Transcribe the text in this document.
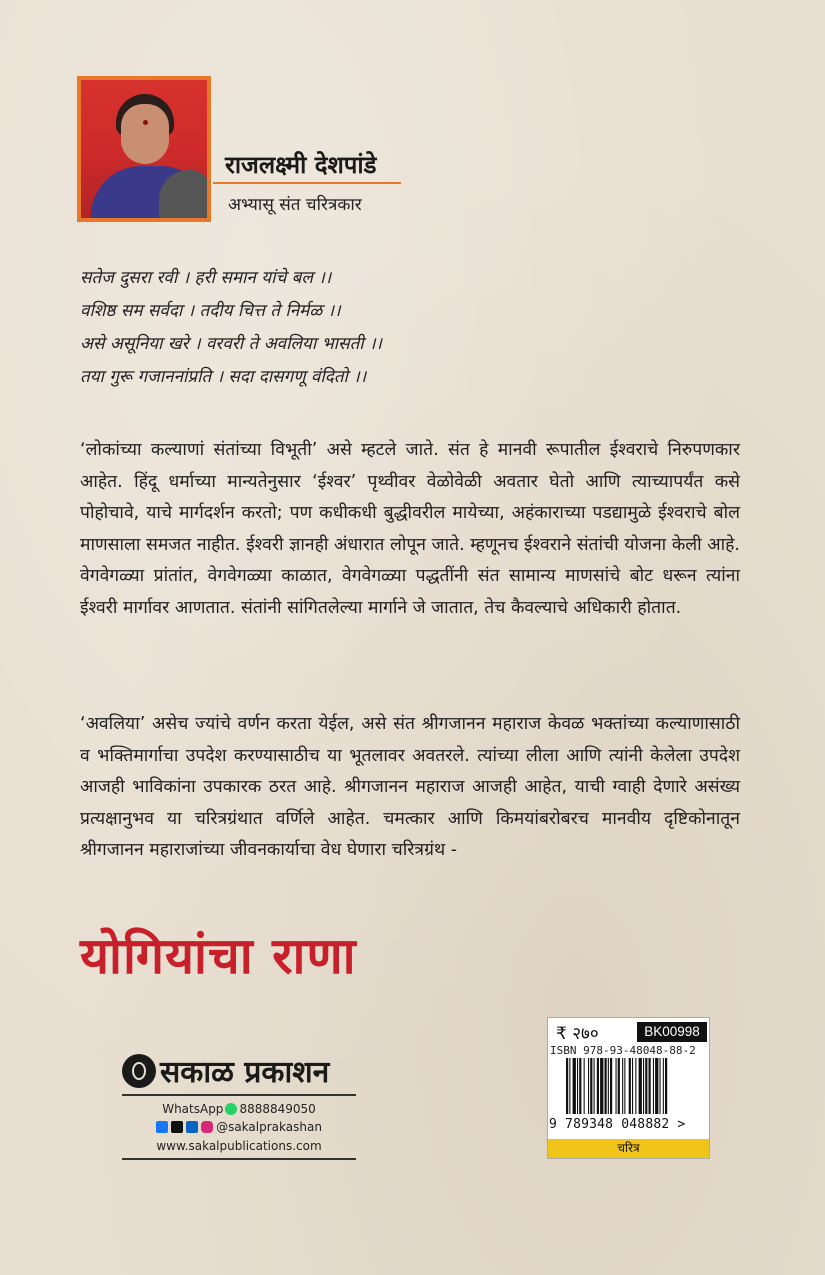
राजलक्ष्मी देशपांडे
अभ्यासू संत चरित्रकार
सतेज दुसरा रवी । हरी समान यांचे बल ।।
वशिष्ठ सम सर्वदा । तदीय चित्त ते निर्मळ ।।
असे असूनिया खरे । वरवरी ते अवलिया भासती ।।
तया गुरू गजाननांप्रति । सदा दासगणू वंदितो ।।
‘लोकांच्या कल्याणां संतांच्या विभूती’ असे म्हटले जाते. संत हे मानवी रूपातील ईश्वराचे निरुपणकार आहेत. हिंदू धर्माच्या मान्यतेनुसार ‘ईश्वर’ पृथ्वीवर वेळोवेळी अवतार घेतो आणि त्याच्यापर्यंत कसे पोहोचावे, याचे मार्गदर्शन करतो; पण कधीकधी बुद्धीवरील मायेच्या, अहंकाराच्या पडद्यामुळे ईश्वराचे बोल माणसाला समजत नाहीत. ईश्वरी ज्ञानही अंधारात लोपून जाते. म्हणूनच ईश्वराने संतांची योजना केली आहे. वेगवेगळ्या प्रांतांत, वेगवेगळ्या काळात, वेगवेगळ्या पद्धतींनी संत सामान्य माणसांचे बोट धरून त्यांना ईश्वरी मार्गावर आणतात. संतांनी सांगितलेल्या मार्गाने जे जातात, तेच कैवल्याचे अधिकारी होतात.
‘अवलिया’ असेच ज्यांचे वर्णन करता येईल, असे संत श्रीगजानन महाराज केवळ भक्तांच्या कल्याणासाठी व भक्तिमार्गाचा उपदेश करण्यासाठीच या भूतलावर अवतरले. त्यांच्या लीला आणि त्यांनी केलेला उपदेश आजही भाविकांना उपकारक ठरत आहे. श्रीगजानन महाराज आजही आहेत, याची ग्वाही देणारे असंख्य प्रत्यक्षानुभव या चरित्रग्रंथात वर्णिले आहेत. चमत्कार आणि किमयांबरोबरच मानवीय दृष्टिकोनातून श्रीगजानन महाराजांच्या जीवनकार्याचा वेध घेणारा चरित्रग्रंथ -
योगियांचा राणा
सकाळ प्रकाशन
WhatsApp 8888849050
@sakalprakashan
www.sakalpublications.com
₹ २७०	BK00998
ISBN 978-93-48048-88-2
9 789348 048882 >
चरित्र
